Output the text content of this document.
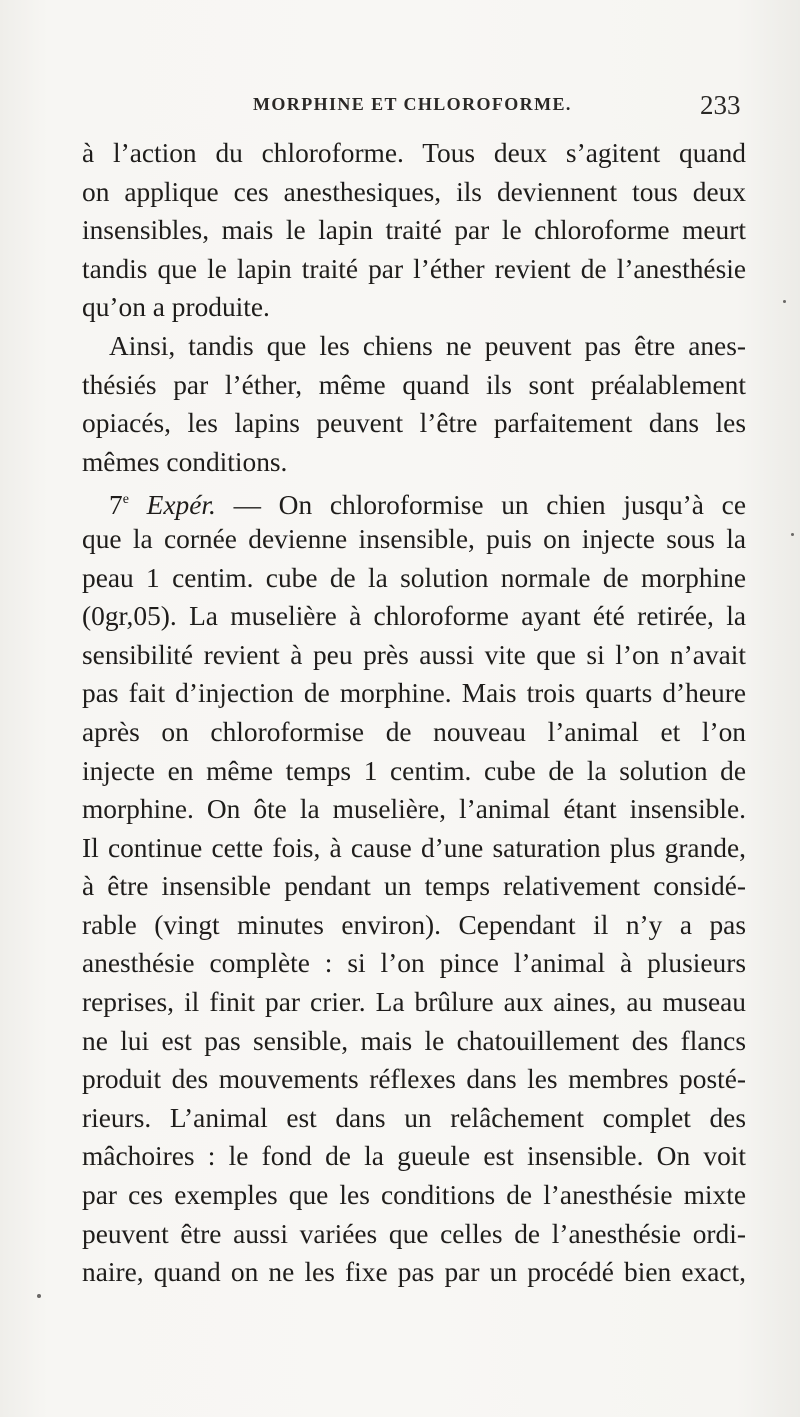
MORPHINE ET CHLOROFORME.	233
à l’action du chloroforme. Tous deux s’agitent quand
on applique ces anesthesiques, ils deviennent tous deux
insensibles, mais le lapin traité par le chloroforme meurt
tandis que le lapin traité par l’éther revient de l’anesthésie
qu’on a produite.
Ainsi, tandis que les chiens ne peuvent pas être anes-
thésiés par l’éther, même quand ils sont préalablement
opiacés, les lapins peuvent l’être parfaitement dans les
mêmes conditions.
7e Expér. — On chloroformise un chien jusqu’à ce
que la cornée devienne insensible, puis on injecte sous la
peau 1 centim. cube de la solution normale de morphine
(0gr,05). La muselière à chloroforme ayant été retirée, la
sensibilité revient à peu près aussi vite que si l’on n’avait
pas fait d’injection de morphine. Mais trois quarts d’heure
après on chloroformise de nouveau l’animal et l’on
injecte en même temps 1 centim. cube de la solution de
morphine. On ôte la muselière, l’animal étant insensible.
Il continue cette fois, à cause d’une saturation plus grande,
à être insensible pendant un temps relativement considé-
rable (vingt minutes environ). Cependant il n’y a pas
anesthésie complète : si l’on pince l’animal à plusieurs
reprises, il finit par crier. La brûlure aux aines, au museau
ne lui est pas sensible, mais le chatouillement des flancs
produit des mouvements réflexes dans les membres posté-
rieurs. L’animal est dans un relâchement complet des
mâchoires : le fond de la gueule est insensible. On voit
par ces exemples que les conditions de l’anesthésie mixte
peuvent être aussi variées que celles de l’anesthésie ordi-
naire, quand on ne les fixe pas par un procédé bien exact,
